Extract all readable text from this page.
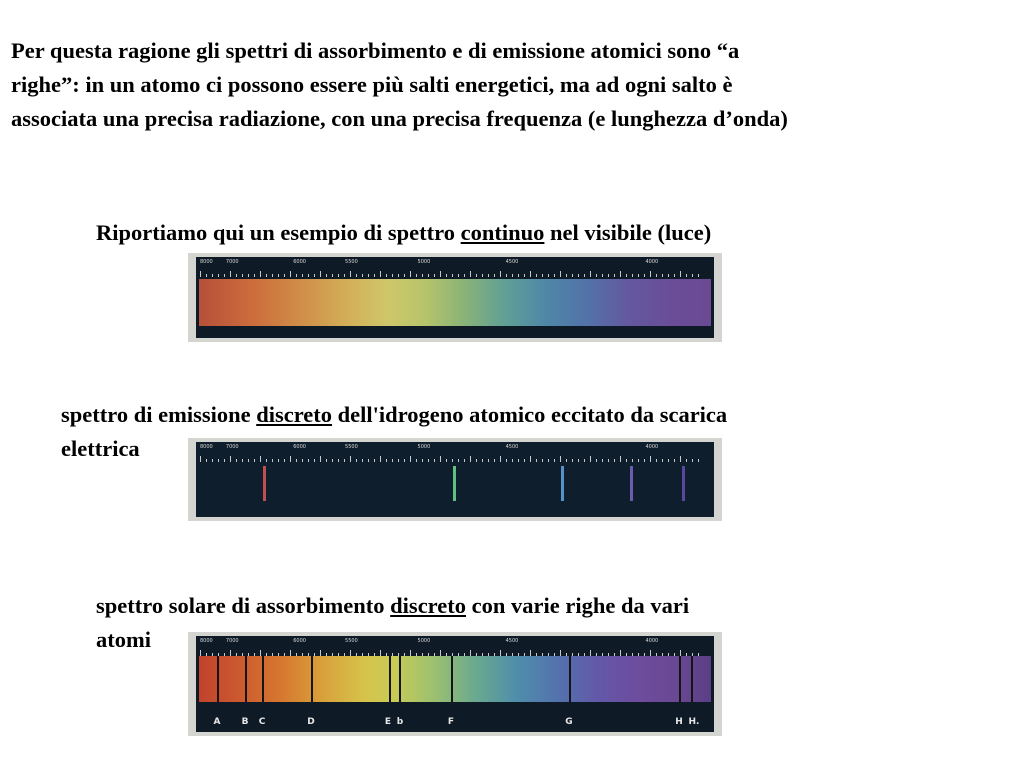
Per questa ragione gli spettri di assorbimento e di emissione atomici sono “a
righe”: in un atomo ci possono essere più salti energetici, ma ad ogni salto è
associata una precisa radiazione, con una precisa frequenza (e lunghezza d’onda)

Riportiamo qui un esempio di spettro continuo nel visibile (luce)

8000	7000	6000	5500	5000	4500	4000

spettro di emissione discreto dell'idrogeno atomico eccitato da scarica
elettrica	8000	7000	6000	5500	5000	4500	4000

spettro solare di assorbimento discreto con varie righe da vari
atomi	8000	7000	6000	5500	5000	4500	4000
A B C	D	E b	F	G	H H.
